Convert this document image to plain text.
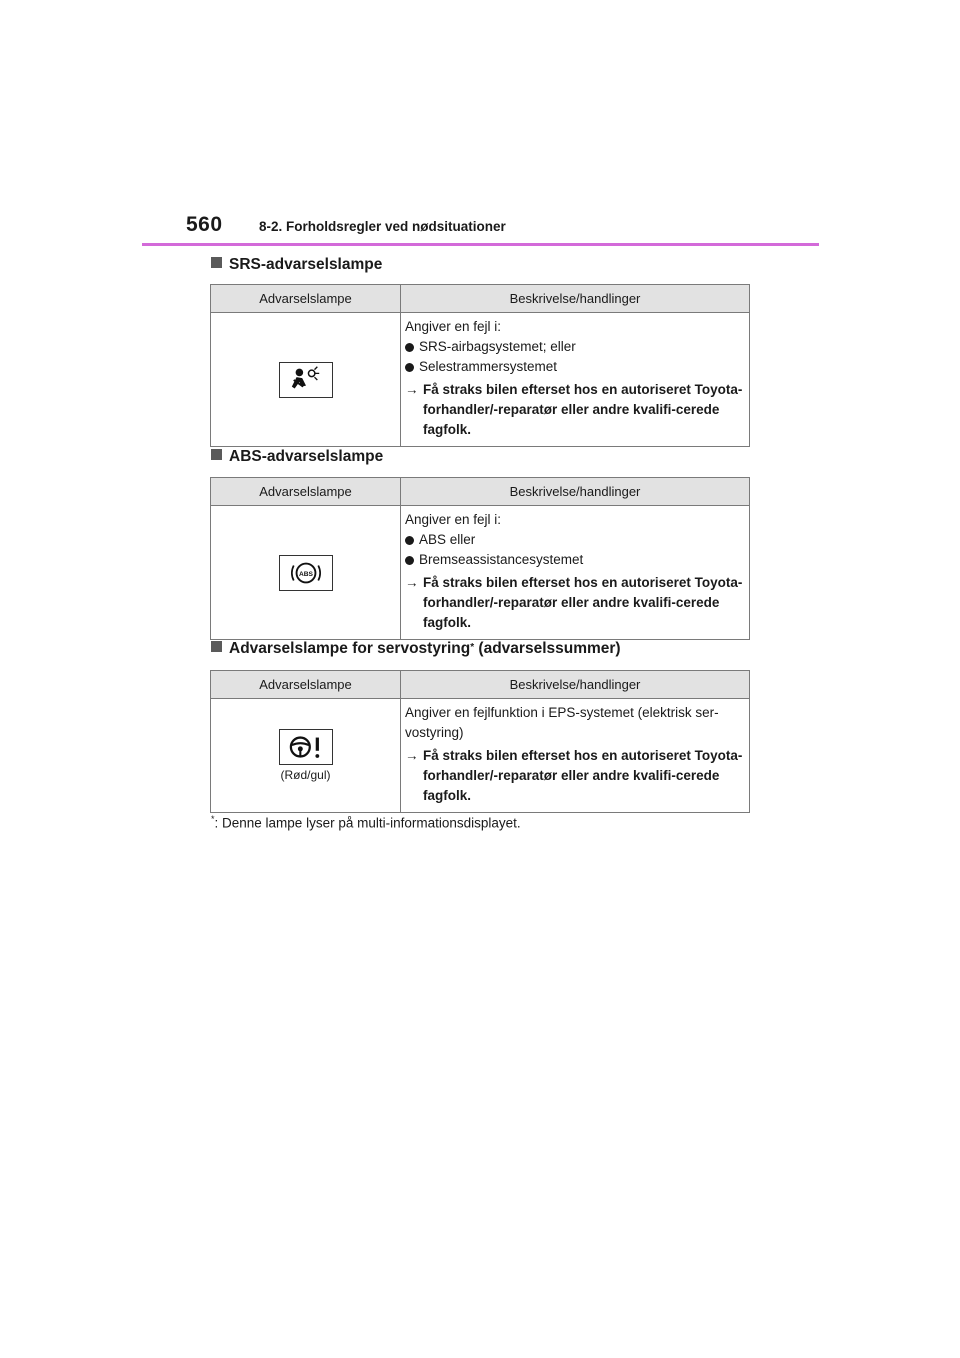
560	8-2. Forholdsregler ved nødsituationer
SRS-advarselslampe
Advarselslampe	Beskrivelse/handlinger

Angiver en fejl i:
SRS-airbagsystemet; eller
Selestrammersystemet
→ Få straks bilen efterset hos en autoriseret Toyota-forhandler/-reparatør eller andre kvalifi-cerede fagfolk.
ABS-advarselslampe
Advarselslampe	Beskrivelse/handlinger

ABS	Angiver en fejl i:
ABS eller
Bremseassistancesystemet
→ Få straks bilen efterset hos en autoriseret Toyota-forhandler/-reparatør eller andre kvalifi-cerede fagfolk.
Advarselslampe for servostyring* (advarselssummer)
Advarselslampe	Beskrivelse/handlinger

(Rød/gul)	Angiver en fejlfunktion i EPS-systemet (elektrisk ser-vostyring)
→ Få straks bilen efterset hos en autoriseret Toyota-forhandler/-reparatør eller andre kvalifi-cerede fagfolk.
*: Denne lampe lyser på multi-informationsdisplayet.
